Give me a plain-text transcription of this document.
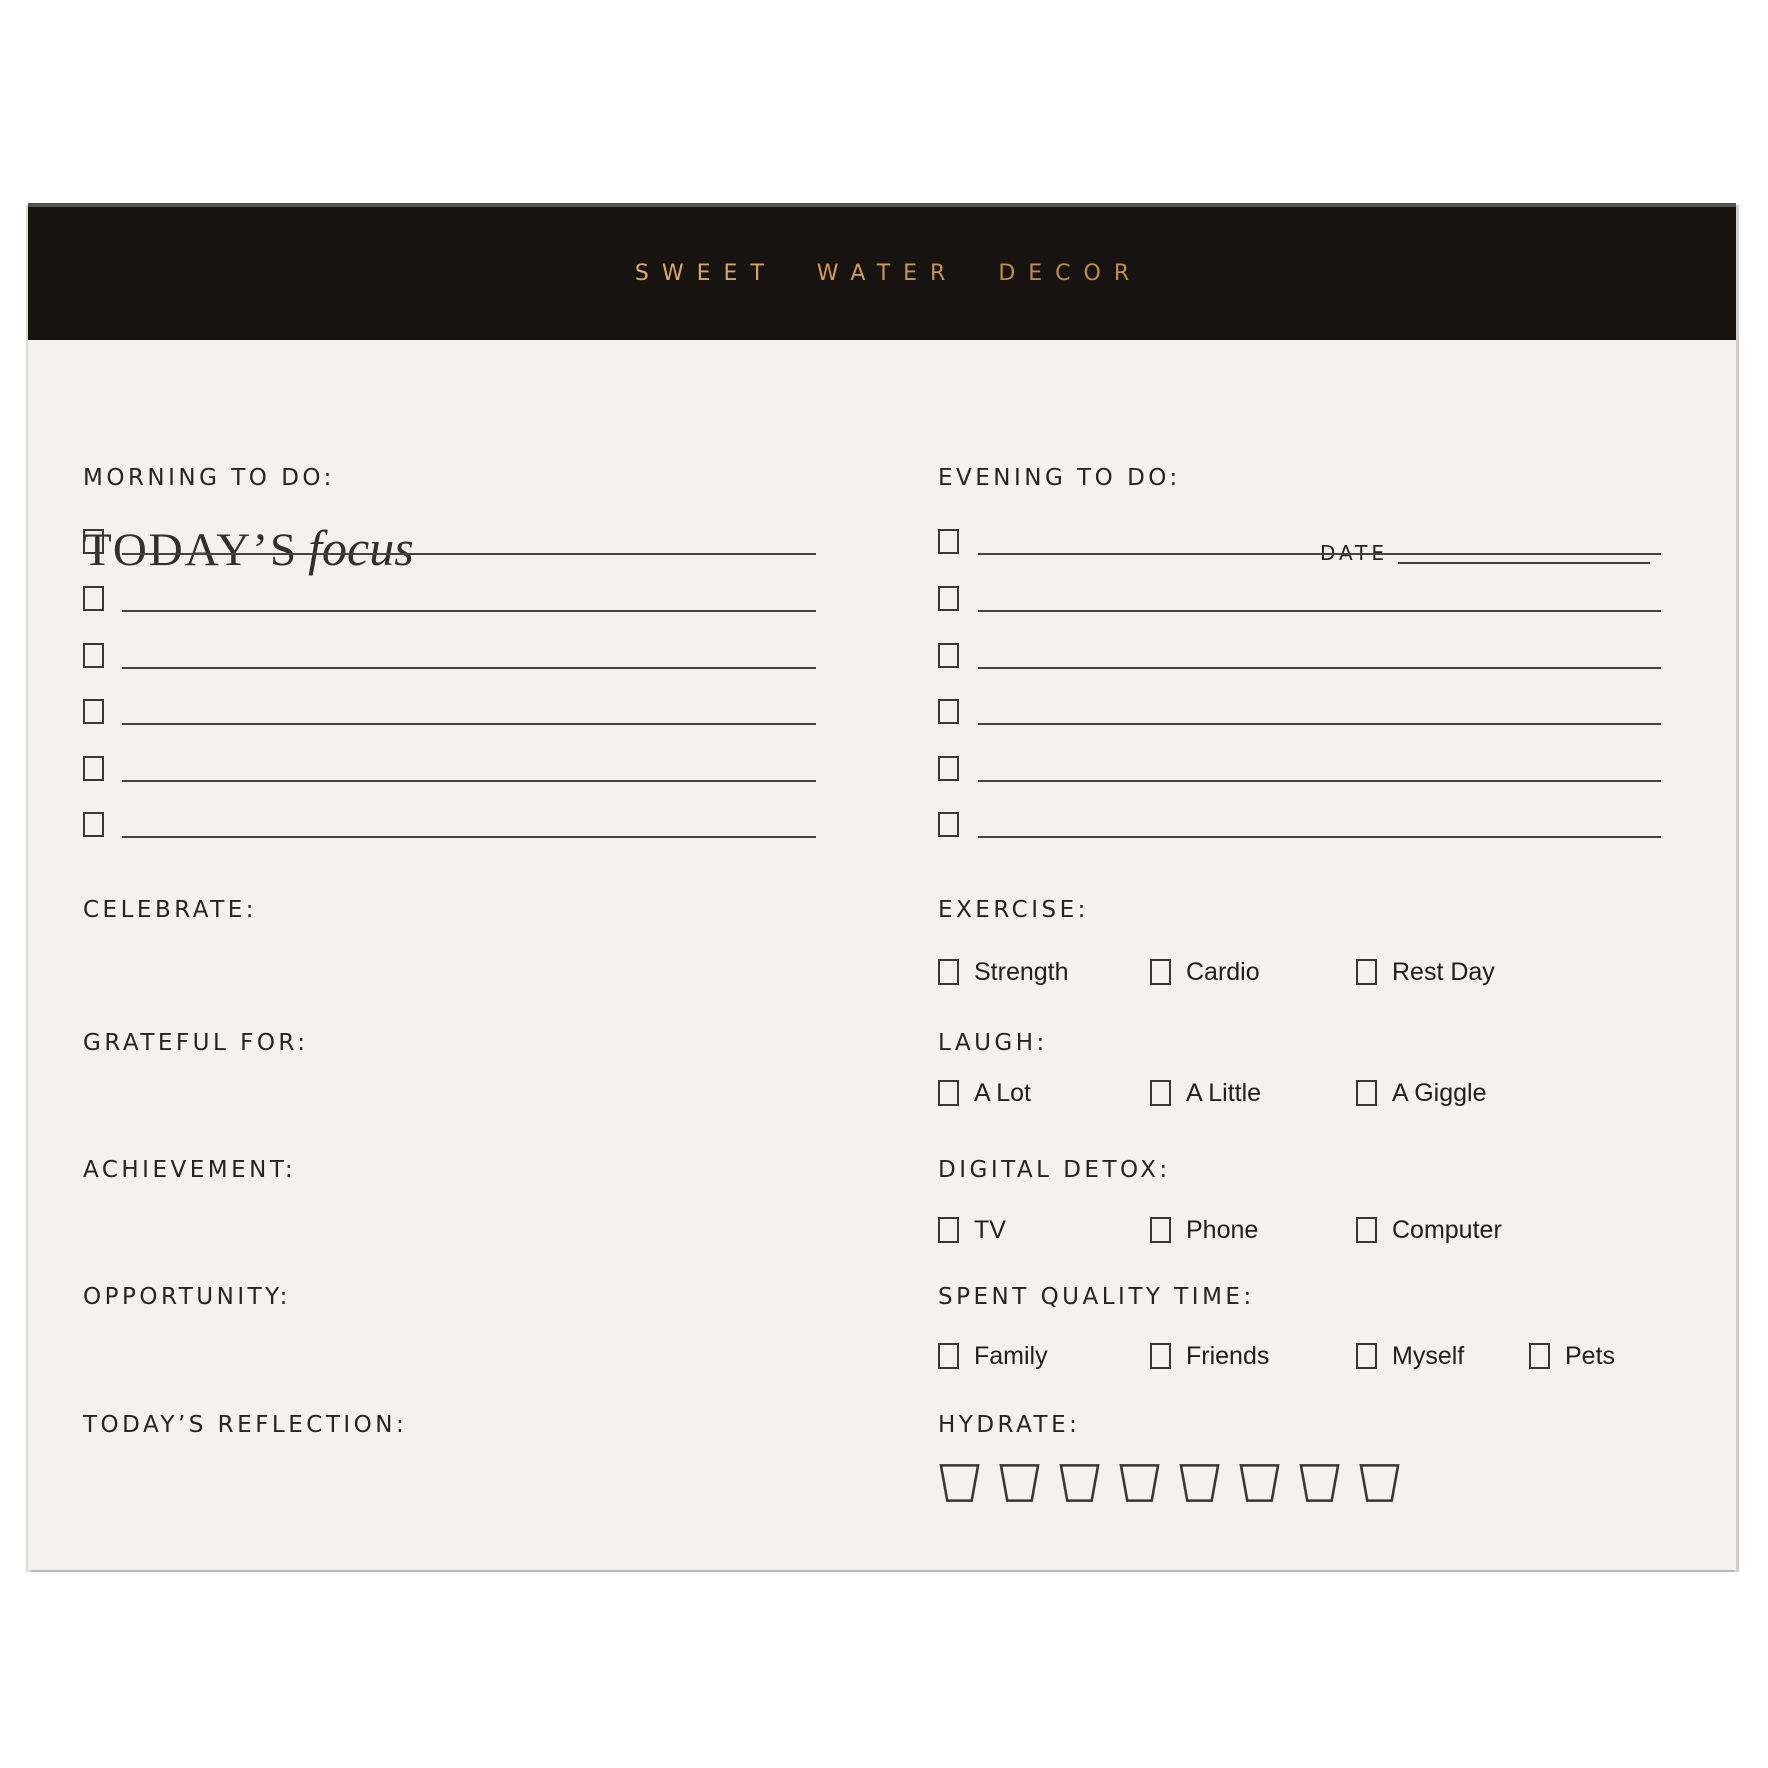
SWEET WATER DECOR
TODAY’S focus	DATE
MORNING TO DO:	EVENING TO DO:
CELEBRATE:
GRATEFUL FOR:
ACHIEVEMENT:
OPPORTUNITY:
TODAY’S REFLECTION:
EXERCISE:
Strength	Cardio	Rest Day
LAUGH:
A Lot	A Little	A Giggle
DIGITAL DETOX:
TV	Phone	Computer
SPENT QUALITY TIME:
Family	Friends	Myself	Pets
HYDRATE:
